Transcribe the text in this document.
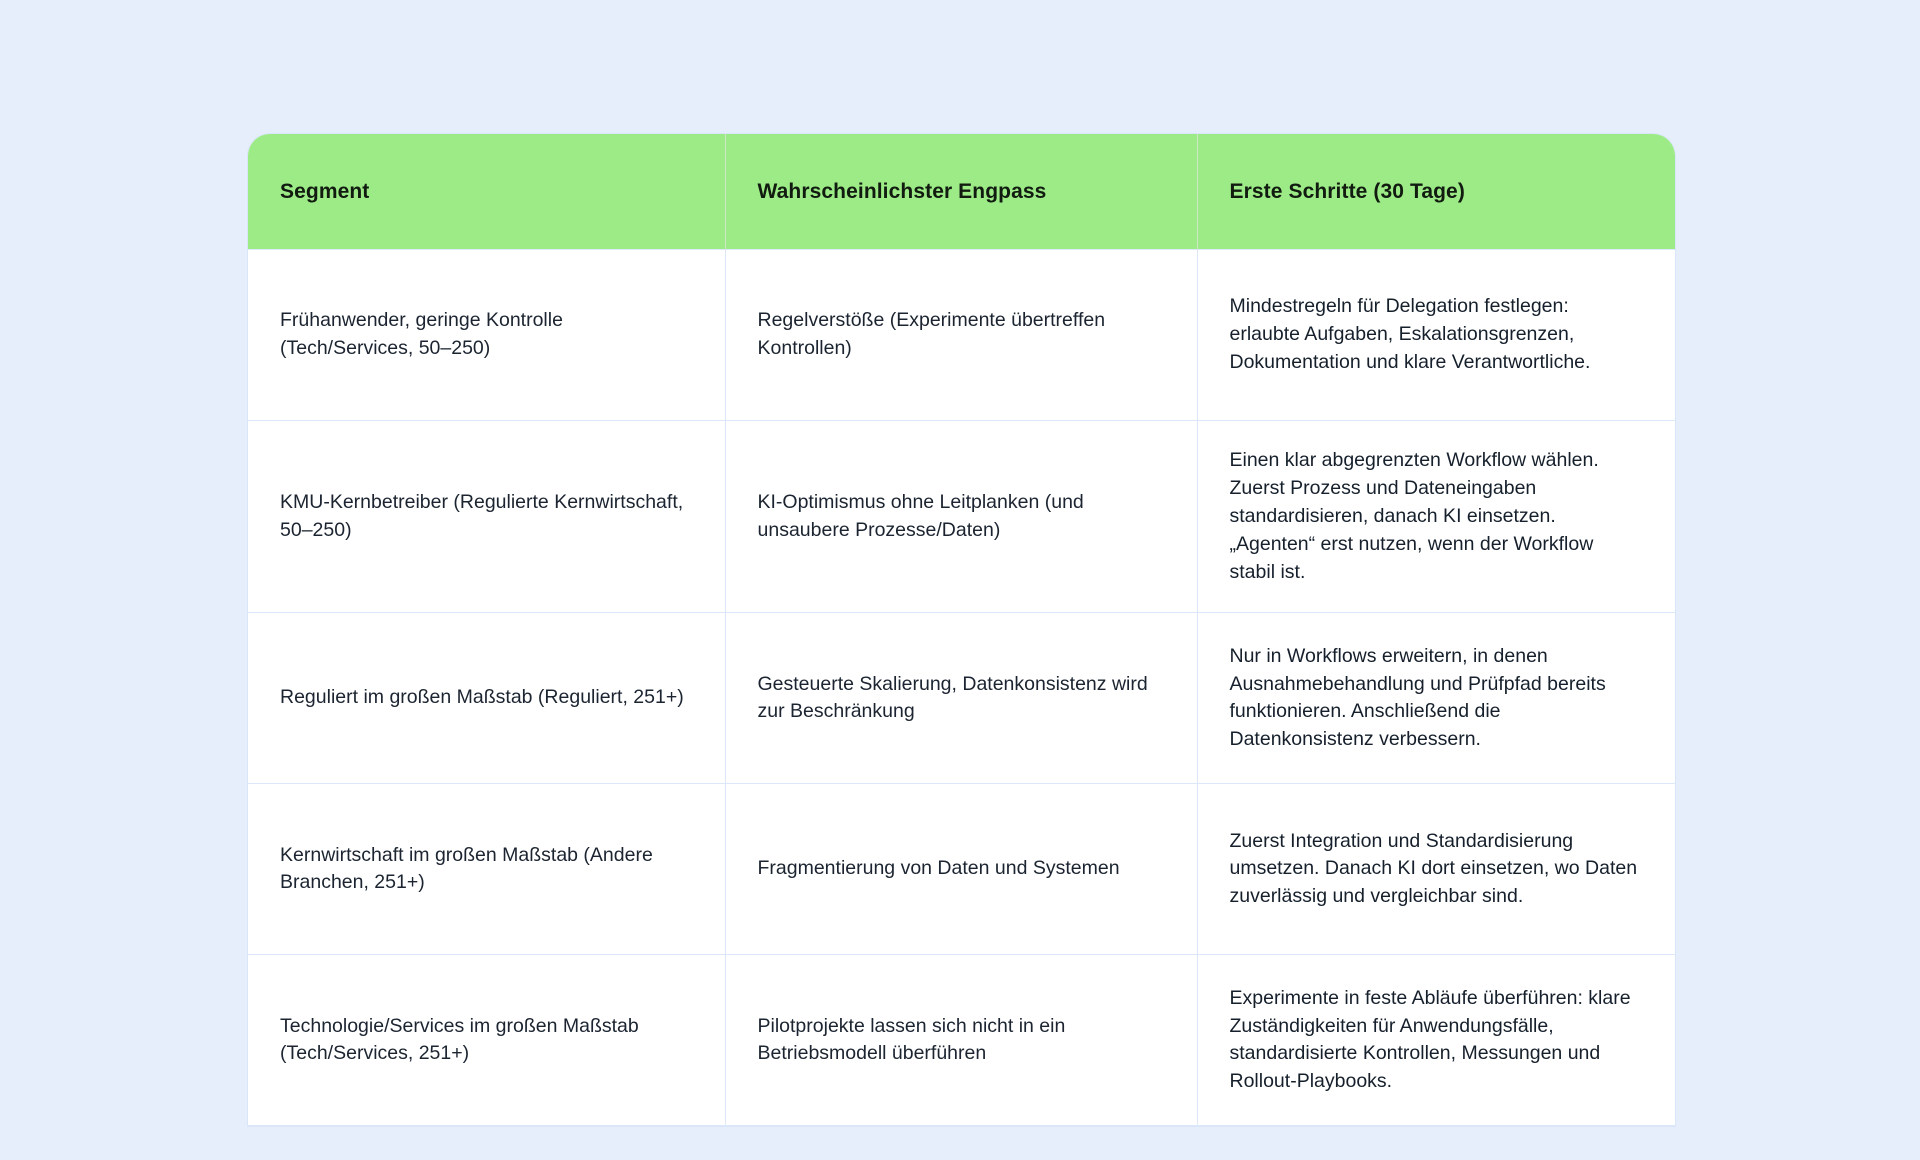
Segment	Wahrscheinlichster Engpass	Erste Schritte (30 Tage)

Frühanwender, geringe Kontrolle (Tech/Services, 50–250)	Regelverstöße (Experimente übertreffen Kontrollen)	Mindestregeln für Delegation festlegen: erlaubte Aufgaben, Eskalationsgrenzen, Dokumentation und klare Verantwortliche.

KMU-Kernbetreiber (Regulierte Kernwirtschaft, 50–250)	KI-Optimismus ohne Leitplanken (und unsaubere Prozesse/Daten)	Einen klar abgegrenzten Workflow wählen. Zuerst Prozess und Dateneingaben standardisieren, danach KI einsetzen. „Agenten“ erst nutzen, wenn der Workflow stabil ist.

Reguliert im großen Maßstab (Reguliert, 251+)	Gesteuerte Skalierung, Datenkonsistenz wird zur Beschränkung	Nur in Workflows erweitern, in denen Ausnahmebehandlung und Prüfpfad bereits funktionieren. Anschließend die Datenkonsistenz verbessern.

Kernwirtschaft im großen Maßstab (Andere Branchen, 251+)	Fragmentierung von Daten und Systemen	Zuerst Integration und Standardisierung umsetzen. Danach KI dort einsetzen, wo Daten zuverlässig und vergleichbar sind.

Technologie/Services im großen Maßstab (Tech/Services, 251+)	Pilotprojekte lassen sich nicht in ein Betriebsmodell überführen	Experimente in feste Abläufe überführen: klare Zuständigkeiten für Anwendungsfälle, standardisierte Kontrollen, Messungen und Rollout-Playbooks.
